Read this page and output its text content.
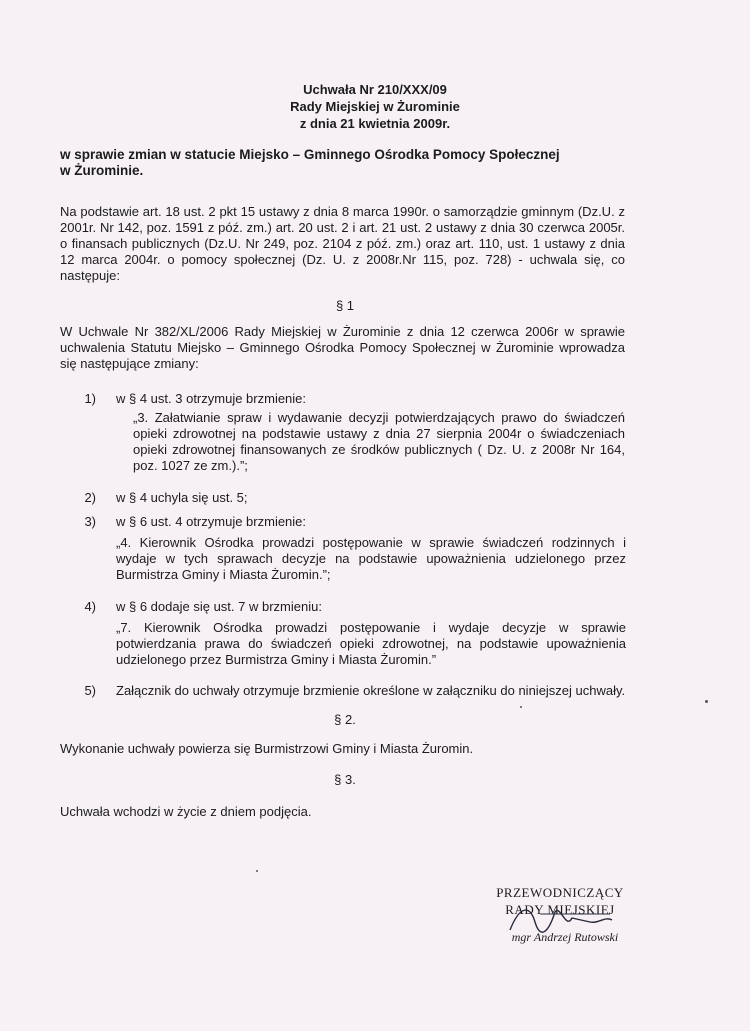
Uchwała Nr 210/XXX/09
Rady Miejskiej w Żurominie
z dnia 21 kwietnia 2009r.
w sprawie zmian w statucie Miejsko – Gminnego Ośrodka Pomocy Społecznej
w Żurominie.
Na podstawie art. 18 ust. 2 pkt 15 ustawy z dnia 8 marca 1990r. o samorządzie gminnym (Dz.U. z 2001r. Nr 142, poz. 1591 z póź. zm.) art. 20 ust. 2 i art. 21 ust. 2 ustawy z dnia 30 czerwca 2005r. o finansach publicznych (Dz.U. Nr 249, poz. 2104 z póź. zm.) oraz art. 110, ust. 1 ustawy z dnia 12 marca 2004r. o pomocy społecznej (Dz. U. z 2008r.Nr 115, poz. 728) - uchwala się, co następuje:
§ 1
W Uchwale Nr 382/XL/2006 Rady Miejskiej w Żurominie z dnia 12 czerwca 2006r w sprawie uchwalenia Statutu Miejsko – Gminnego Ośrodka Pomocy Społecznej w Żurominie wprowadza się następujące zmiany:
1) w § 4 ust. 3 otrzymuje brzmienie:
„3. Załatwianie spraw i wydawanie decyzji potwierdzających prawo do świadczeń opieki zdrowotnej na podstawie ustawy z dnia 27 sierpnia 2004r o świadczeniach opieki zdrowotnej finansowanych ze środków publicznych ( Dz. U. z 2008r Nr 164, poz. 1027 ze zm.).”;
2) w § 4 uchyla się ust. 5;
3) w § 6 ust. 4 otrzymuje brzmienie:
„4. Kierownik Ośrodka prowadzi postępowanie w sprawie świadczeń rodzinnych i wydaje w tych sprawach decyzje na podstawie upoważnienia udzielonego przez Burmistrza Gminy i Miasta Żuromin.”;
4) w § 6 dodaje się ust. 7 w brzmieniu:
„7. Kierownik Ośrodka prowadzi postępowanie i wydaje decyzje w sprawie potwierdzania prawa do świadczeń opieki zdrowotnej, na podstawie upoważnienia udzielonego przez Burmistrza Gminy i Miasta Żuromin.”
5) Załącznik do uchwały otrzymuje brzmienie określone w załączniku do niniejszej uchwały.
§ 2.
Wykonanie uchwały powierza się Burmistrzowi Gminy i Miasta Żuromin.
§ 3.
Uchwała wchodzi w życie z dniem podjęcia.
PRZEWODNICZĄCY
RADY MIEJSKIEJ
mgr Andrzej Rutowski
